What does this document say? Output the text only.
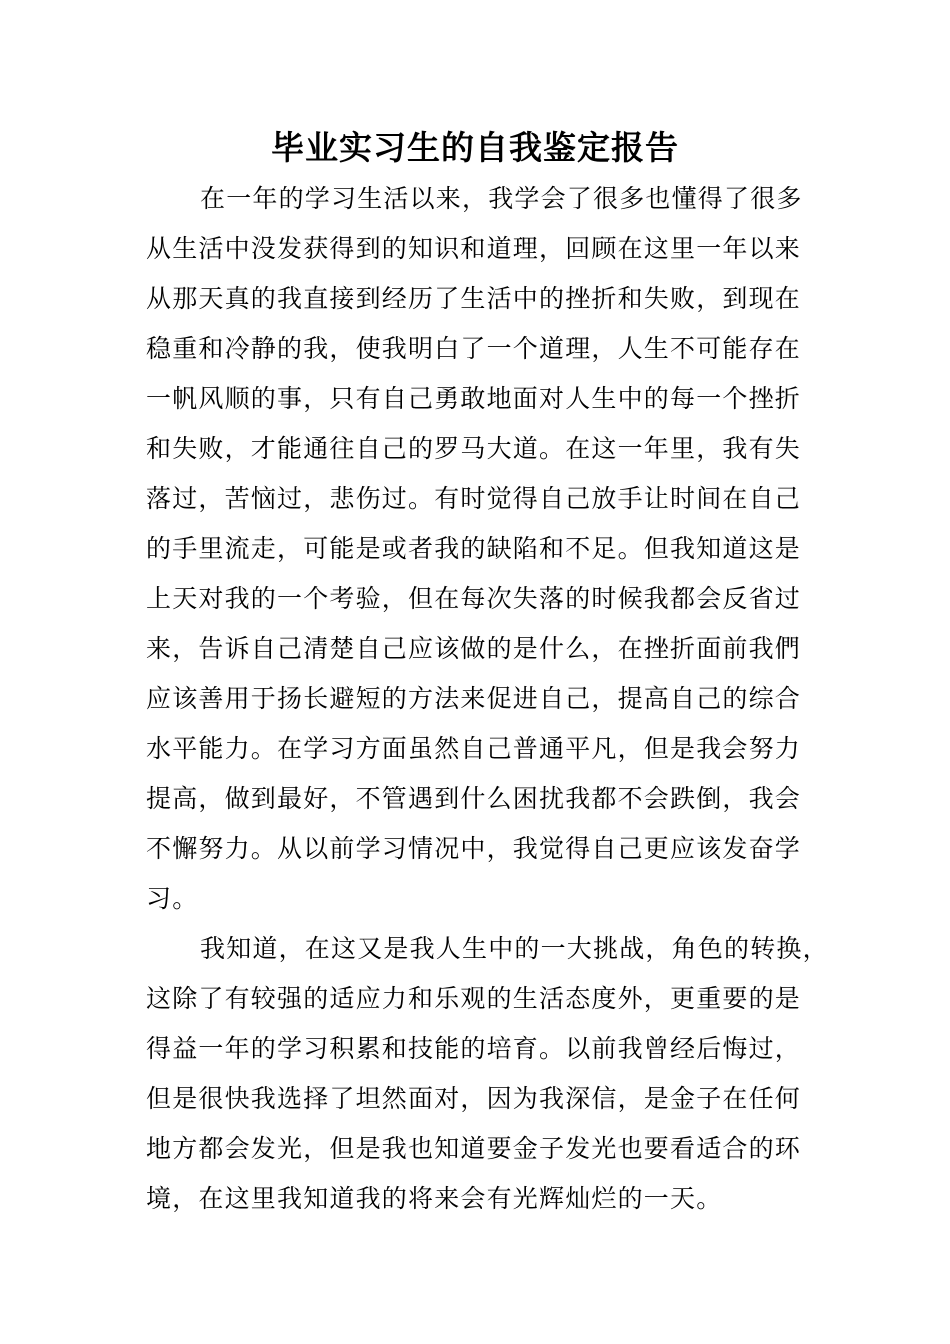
毕业实习生的自我鉴定报告
在一年的学习生活以来，我学会了很多也懂得了很多
从生活中没发获得到的知识和道理，回顾在这里一年以来
从那天真的我直接到经历了生活中的挫折和失败，到现在
稳重和冷静的我，使我明白了一个道理，人生不可能存在
一帆风顺的事，只有自己勇敢地面对人生中的每一个挫折
和失败，才能通往自己的罗马大道。在这一年里，我有失
落过，苦恼过，悲伤过。有时觉得自己放手让时间在自己
的手里流走，可能是或者我的缺陷和不足。但我知道这是
上天对我的一个考验，但在每次失落的时候我都会反省过
来，告诉自己清楚自己应该做的是什么，在挫折面前我們
应该善用于扬长避短的方法来促进自己，提高自己的综合
水平能力。在学习方面虽然自己普通平凡，但是我会努力
提高，做到最好，不管遇到什么困扰我都不会跌倒，我会
不懈努力。从以前学习情况中，我觉得自己更应该发奋学
习。
我知道，在这又是我人生中的一大挑战，角色的转换，
这除了有较强的适应力和乐观的生活态度外，更重要的是
得益一年的学习积累和技能的培育。以前我曾经后悔过，
但是很快我选择了坦然面对，因为我深信，是金子在任何
地方都会发光，但是我也知道要金子发光也要看适合的环
境，在这里我知道我的将来会有光辉灿烂的一天。
